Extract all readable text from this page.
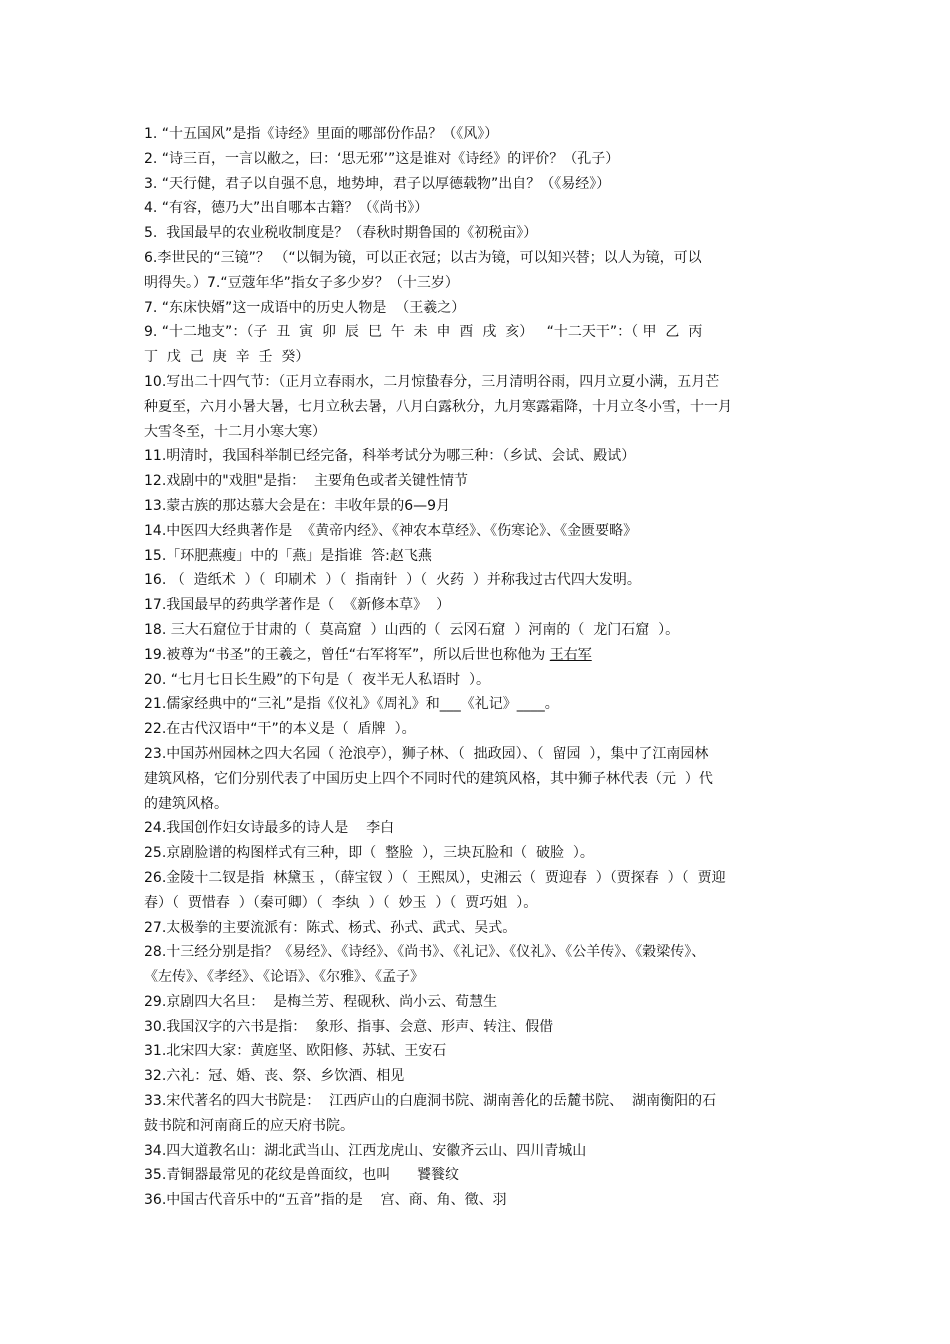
1. “十五国风”是指《诗经》里面的哪部份作品？（《风》）

2. “诗三百，一言以敝之，曰：‘思无邪’”这是谁对《诗经》的评价？（孔子）

3. “天行健，君子以自强不息，地势坤，君子以厚德载物”出自？（《易经》）

4. “有容，德乃大”出自哪本古籍？（《尚书》）

5.  我国最早的农业税收制度是？（春秋时期鲁国的《初税亩》）

6.李世民的“三镜”？ （“以铜为镜，可以正衣冠；以古为镜，可以知兴替；以人为镜，可以

明得失。）7.“豆蔻年华”指女子多少岁？（十三岁）

7. “东床快婿”这一成语中的历史人物是  （王羲之）

9. “十二地支”：（子  丑  寅  卯  辰  巳  午  未  申  酉  戌  亥）   “十二天干”：（ 甲  乙  丙

丁  戊  己  庚  辛  壬  癸）

10.写出二十四气节：（正月立春雨水，二月惊蛰春分，三月清明谷雨，四月立夏小满，五月芒

种夏至，六月小暑大暑，七月立秋去暑，八月白露秋分，九月寒露霜降，十月立冬小雪，十一月

大雪冬至，十二月小寒大寒）

11.明清时，我国科举制已经完备，科举考试分为哪三种：（乡试、会试、殿试）

12.戏剧中的"戏胆"是指：  主要角色或者关键性情节

13.蒙古族的那达慕大会是在：丰收年景的6—9月

14.中医四大经典著作是  《黄帝内经》、《神农本草经》、《伤寒论》、《金匮要略》

15.「环肥燕瘦」中的「燕」是指谁  答:赵飞燕

16. （  造纸术  ）（  印刷术  ）（  指南针  ）（  火药  ）并称我过古代四大发明。

17.我国最早的药典学著作是（  《新修本草》  ）

18. 三大石窟位于甘肃的（  莫高窟  ）山西的（  云冈石窟  ）河南的（  龙门石窟  ）。

19.被尊为“书圣”的王羲之，曾任“右军将军”，所以后世也称他为 王右军

20. “七月七日长生殿”的下句是（  夜半无人私语时  ）。

21.儒家经典中的“三礼”是指《仪礼》《周礼》和___《礼记》____。

22.在古代汉语中“干”的本义是（  盾牌  ）。

23.中国苏州园林之四大名园（ 沧浪亭），狮子林、（  拙政园）、（  留园  ），集中了江南园林

建筑风格，它们分别代表了中国历史上四个不同时代的建筑风格，其中狮子林代表（元  ）代

的建筑风格。

24.我国创作妇女诗最多的诗人是    李白

25.京剧脸谱的构图样式有三种，即（  整脸  ），三块瓦脸和（  破脸  ）。

26.金陵十二钗是指  林黛玉 ，（薛宝钗 ）（  王熙凤），史湘云（  贾迎春  ）（贾探春  ）（  贾迎

春）（  贾惜春  ）（秦可卿）（  李纨  ）（  妙玉  ）（  贾巧姐  ）。

27.太极拳的主要流派有：陈式、杨式、孙式、武式、吴式。

28.十三经分别是指？《易经》、《诗经》、《尚书》、《礼记》、《仪礼》、《公羊传》、《穀梁传》、

《左传》、《孝经》、《论语》、《尔雅》、《孟子》

29.京剧四大名旦：  是梅兰芳、程砚秋、尚小云、荀慧生

30.我国汉字的六书是指：  象形、指事、会意、形声、转注、假借

31.北宋四大家：黄庭坚、欧阳修、苏轼、王安石

32.六礼：冠、婚、丧、祭、乡饮酒、相见

33.宋代著名的四大书院是：  江西庐山的白鹿洞书院、湖南善化的岳麓书院、  湖南衡阳的石

鼓书院和河南商丘的应天府书院。

34.四大道教名山：湖北武当山、江西龙虎山、安徽齐云山、四川青城山

35.青铜器最常见的花纹是兽面纹，也叫      饕餮纹

36.中国古代音乐中的“五音”指的是    宫、商、角、徵、羽
